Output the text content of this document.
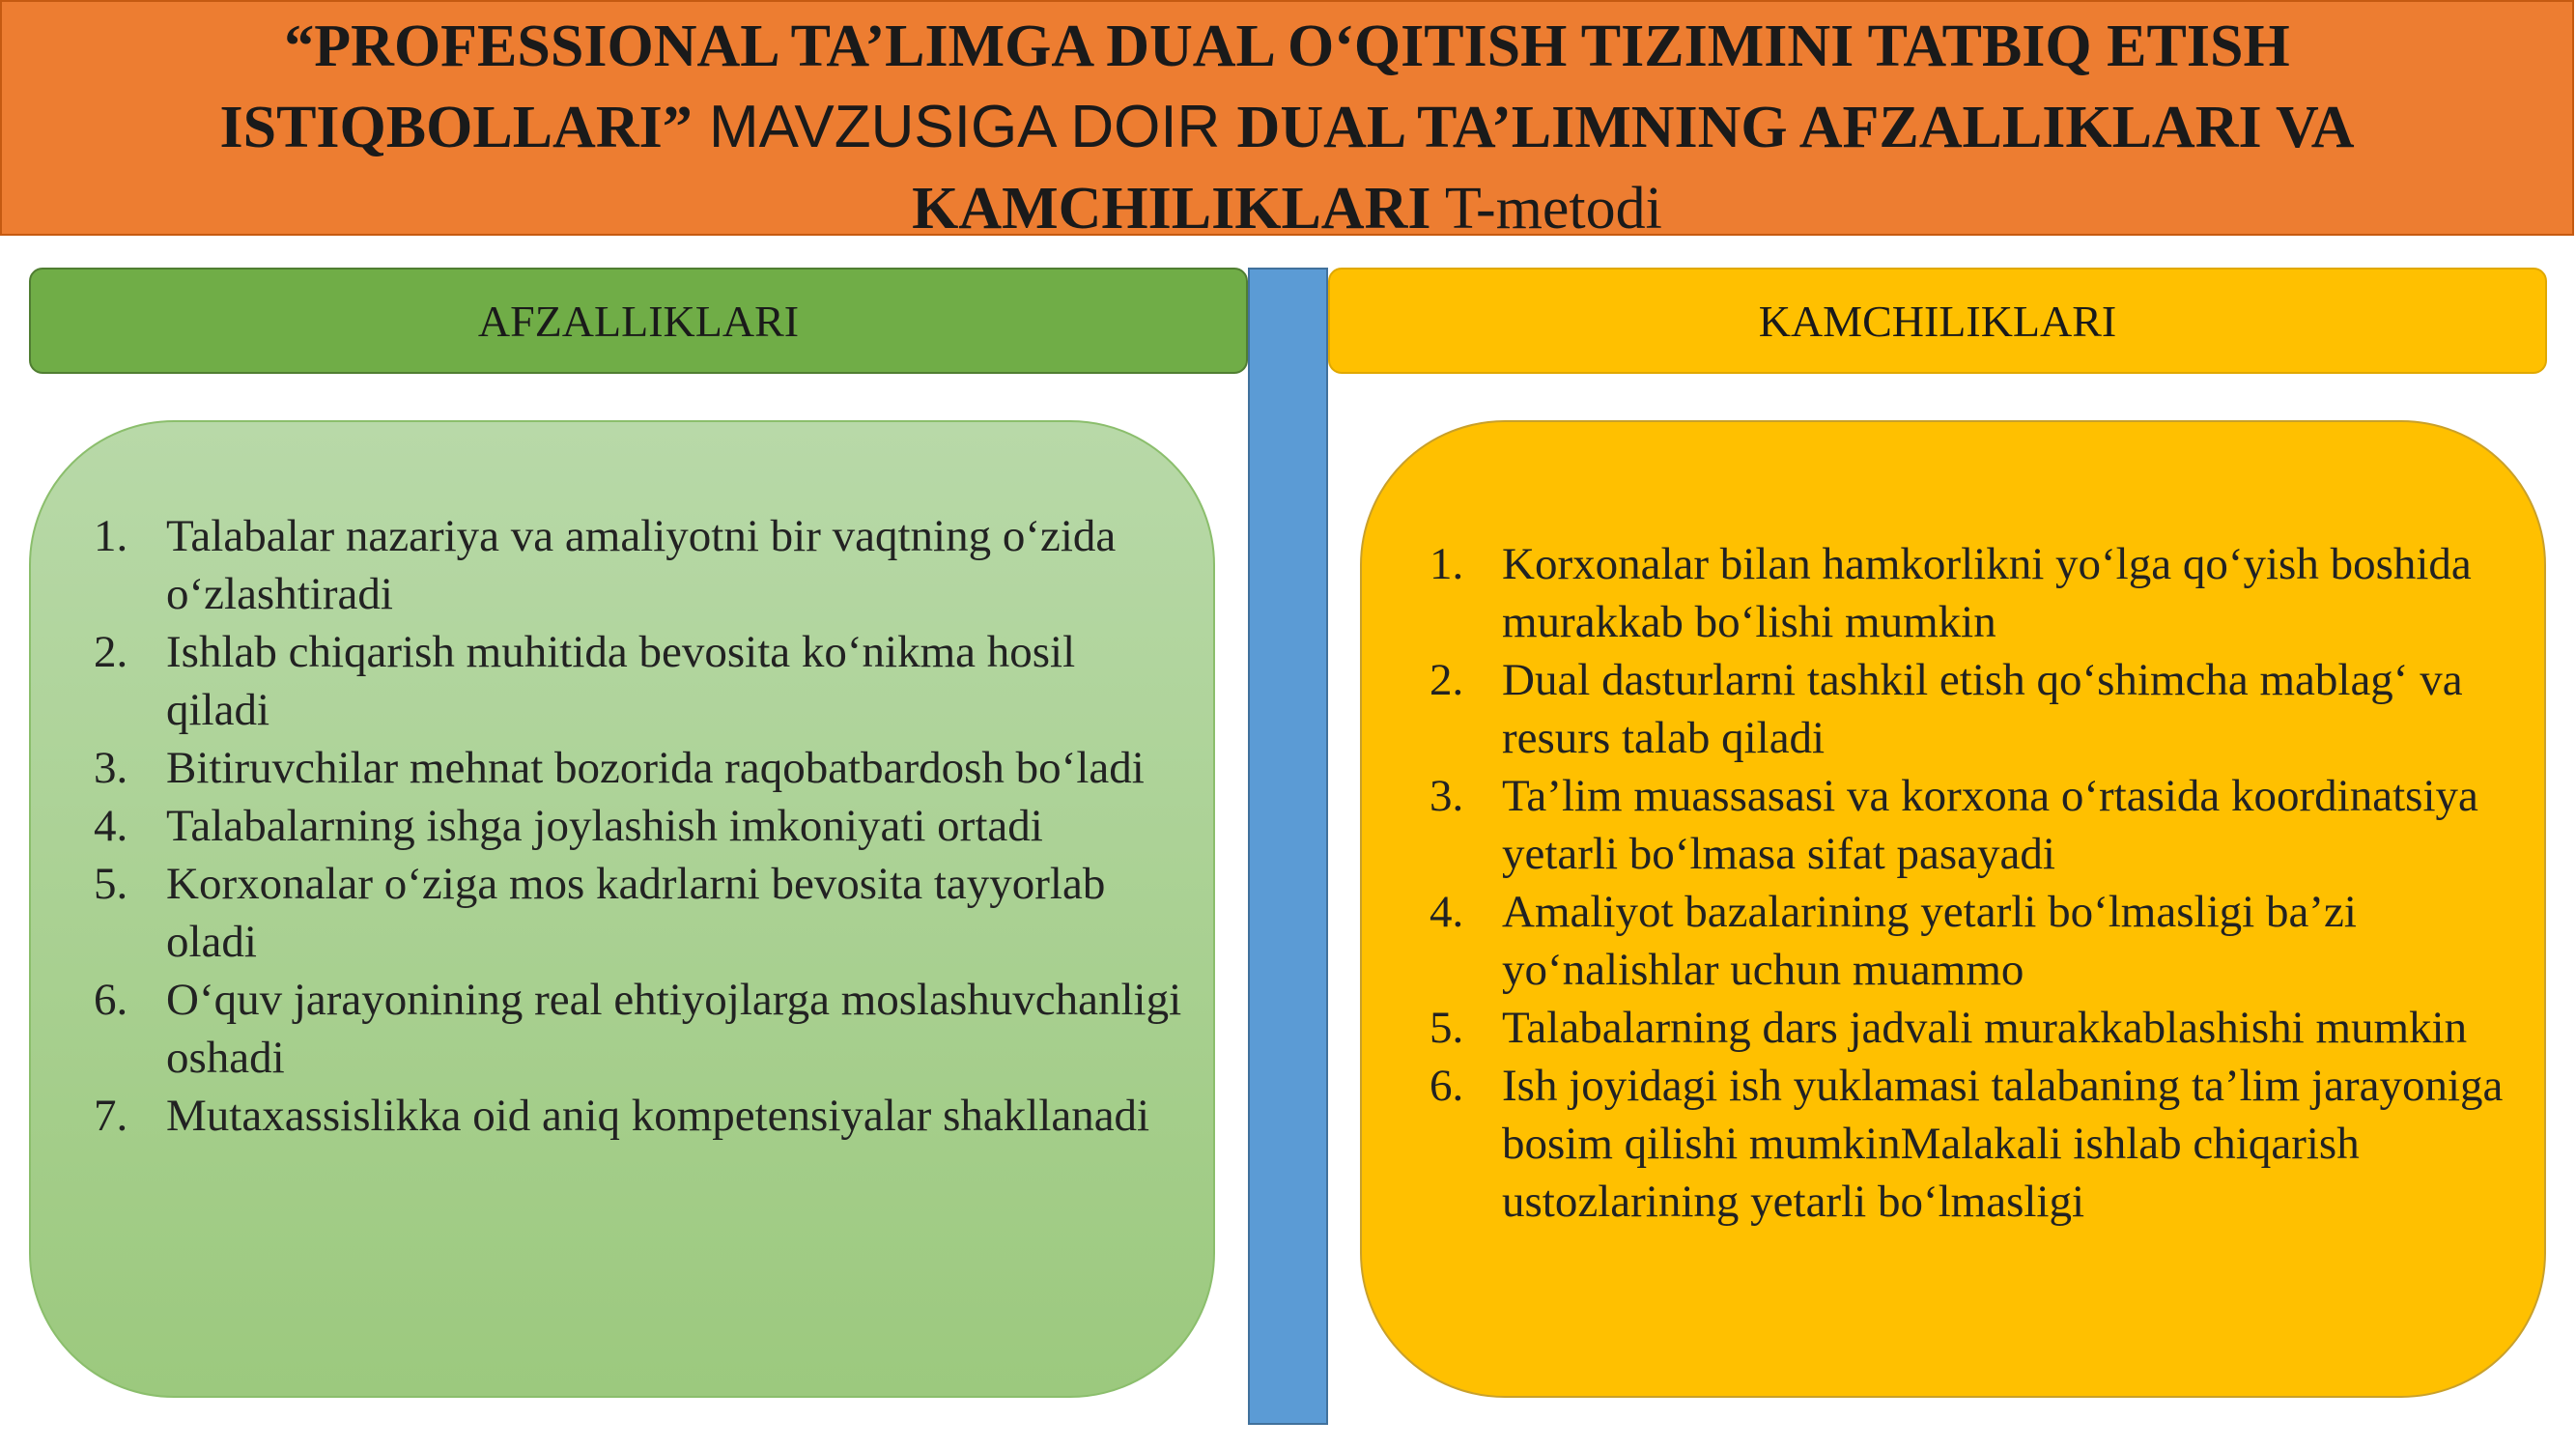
“PROFESSIONAL TA’LIMGA DUAL O‘QITISH TIZIMINI TATBIQ ETISH
ISTIQBOLLARI” MAVZUSIGA DOIR DUAL TA’LIMNING AFZALLIKLARI VA
KAMCHILIKLARI T-metodi
AFZALLIKLARI	KAMCHILIKLARI
1. Talabalar nazariya va amaliyotni bir vaqtning o‘zida o‘zlashtiradi
2. Ishlab chiqarish muhitida bevosita ko‘nikma hosil qiladi
3. Bitiruvchilar mehnat bozorida raqobatbardosh bo‘ladi
4. Talabalarning ishga joylashish imkoniyati ortadi
5. Korxonalar o‘ziga mos kadrlarni bevosita tayyorlab oladi
6. O‘quv jarayonining real ehtiyojlarga moslashuvchanligi oshadi
7. Mutaxassislikka oid aniq kompetensiyalar shakllanadi
1. Korxonalar bilan hamkorlikni yo‘lga qo‘yish boshida murakkab bo‘lishi mumkin
2. Dual dasturlarni tashkil etish qo‘shimcha mablag‘ va resurs talab qiladi
3. Ta’lim muassasasi va korxona o‘rtasida koordinatsiya yetarli bo‘lmasa sifat pasayadi
4. Amaliyot bazalarining yetarli bo‘lmasligi ba’zi yo‘nalishlar uchun muammo
5. Talabalarning dars jadvali murakkablashishi mumkin
6. Ish joyidagi ish yuklamasi talabaning ta’lim jarayoniga bosim qilishi mumkinMalakali ishlab chiqarish ustozlarining yetarli bo‘lmasligi
